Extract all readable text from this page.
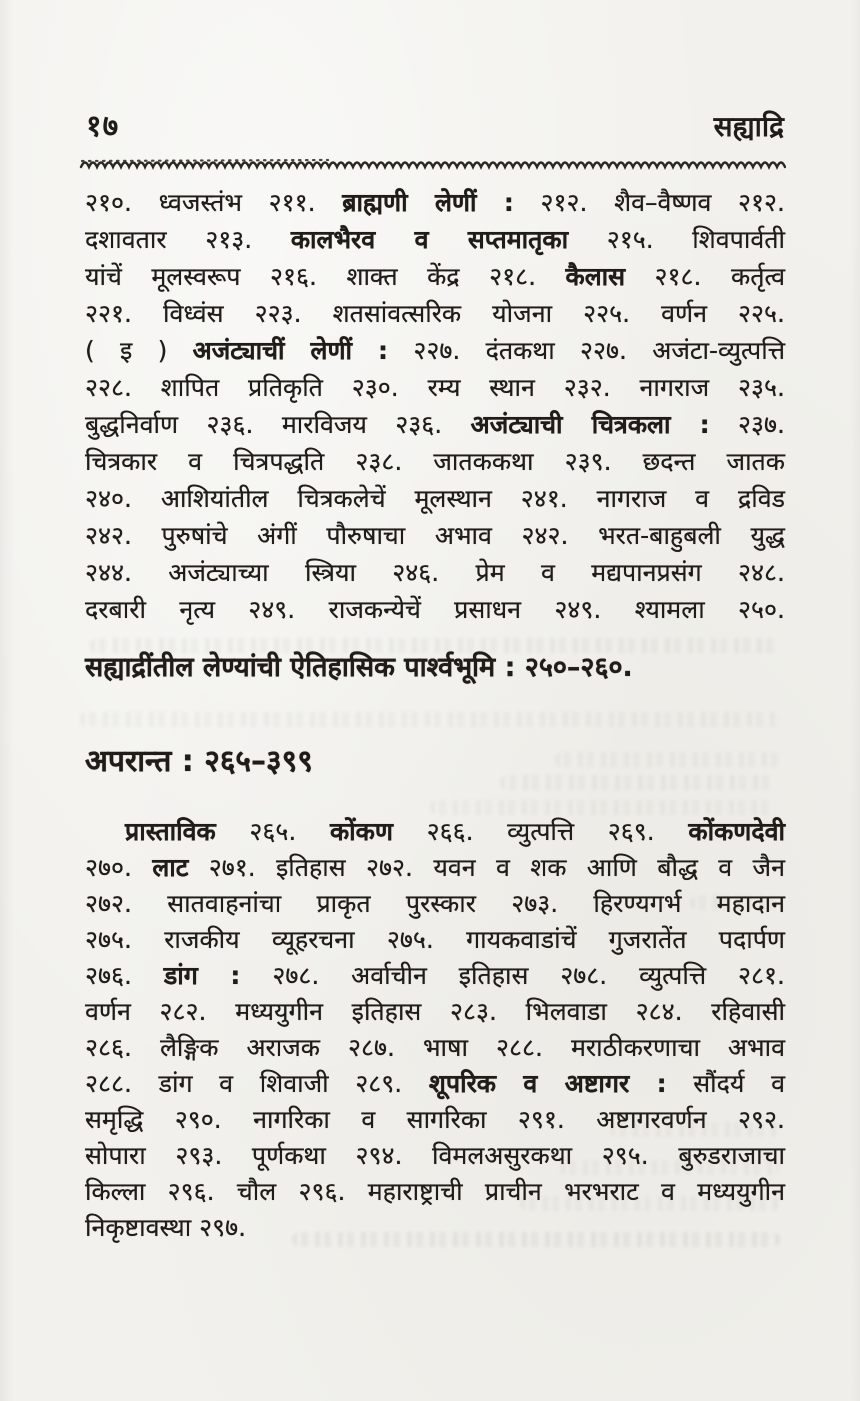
१७	सह्याद्रि
२१०. ध्वजस्तंभ २११. ब्राह्मणी लेणीं : २१२. शैव–वैष्णव २१२.
दशावतार २१३. कालभैरव व सप्तमातृका २१५. शिवपार्वती
यांचें मूलस्वरूप २१६. शाक्त केंद्र २१८. कैलास २१८. कर्तृत्व
२२१. विध्वंस २२३. शतसांवत्सरिक योजना २२५. वर्णन २२५.
( इ ) अजंट्याचीं लेणीं : २२७. दंतकथा २२७. अजंटा-व्युत्पत्ति
२२८. शापित प्रतिकृति २३०. रम्य स्थान २३२. नागराज २३५.
बुद्धनिर्वाण २३६. मारविजय २३६. अजंट्याची चित्रकला : २३७.
चित्रकार व चित्रपद्धति २३८. जातककथा २३९. छदन्त जातक
२४०. आशियांतील चित्रकलेचें मूलस्थान २४१. नागराज व द्रविड
२४२. पुरुषांचे अंगीं पौरुषाचा अभाव २४२. भरत-बाहुबली युद्ध
२४४. अजंट्याच्या स्त्रिया २४६. प्रेम व मद्यपानप्रसंग २४८.
दरबारी नृत्य २४९. राजकन्येचें प्रसाधन २४९. श्यामला २५०.
सह्याद्रींतील लेण्यांची ऐतिहासिक पार्श्वभूमि : २५०–२६०.
अपरान्त : २६५–३९९
प्रास्ताविक २६५. कोंकण २६६. व्युत्पत्ति २६९. कोंकणदेवी
२७०. लाट २७१. इतिहास २७२. यवन व शक आणि बौद्ध व जैन
२७२. सातवाहनांचा प्राकृत पुरस्कार २७३. हिरण्यगर्भ महादान
२७५. राजकीय व्यूहरचना २७५. गायकवाडांचें गुजरातेंत पदार्पण
२७६. डांग : २७८. अर्वाचीन इतिहास २७८. व्युत्पत्ति २८१.
वर्णन २८२. मध्ययुगीन इतिहास २८३. भिलवाडा २८४. रहिवासी
२८६. लैङ्गिक अराजक २८७. भाषा २८८. मराठीकरणाचा अभाव
२८८. डांग व शिवाजी २८९. शूपरिक व अष्टागर : सौंदर्य व
समृद्धि २९०. नागरिका व सागरिका २९१. अष्टागरवर्णन २९२.
सोपारा २९३. पूर्णकथा २९४. विमलअसुरकथा २९५. बुरुडराजाचा
किल्ला २९६. चौल २९६. महाराष्ट्राची प्राचीन भरभराट व मध्ययुगीन
निकृष्टावस्था २९७.
